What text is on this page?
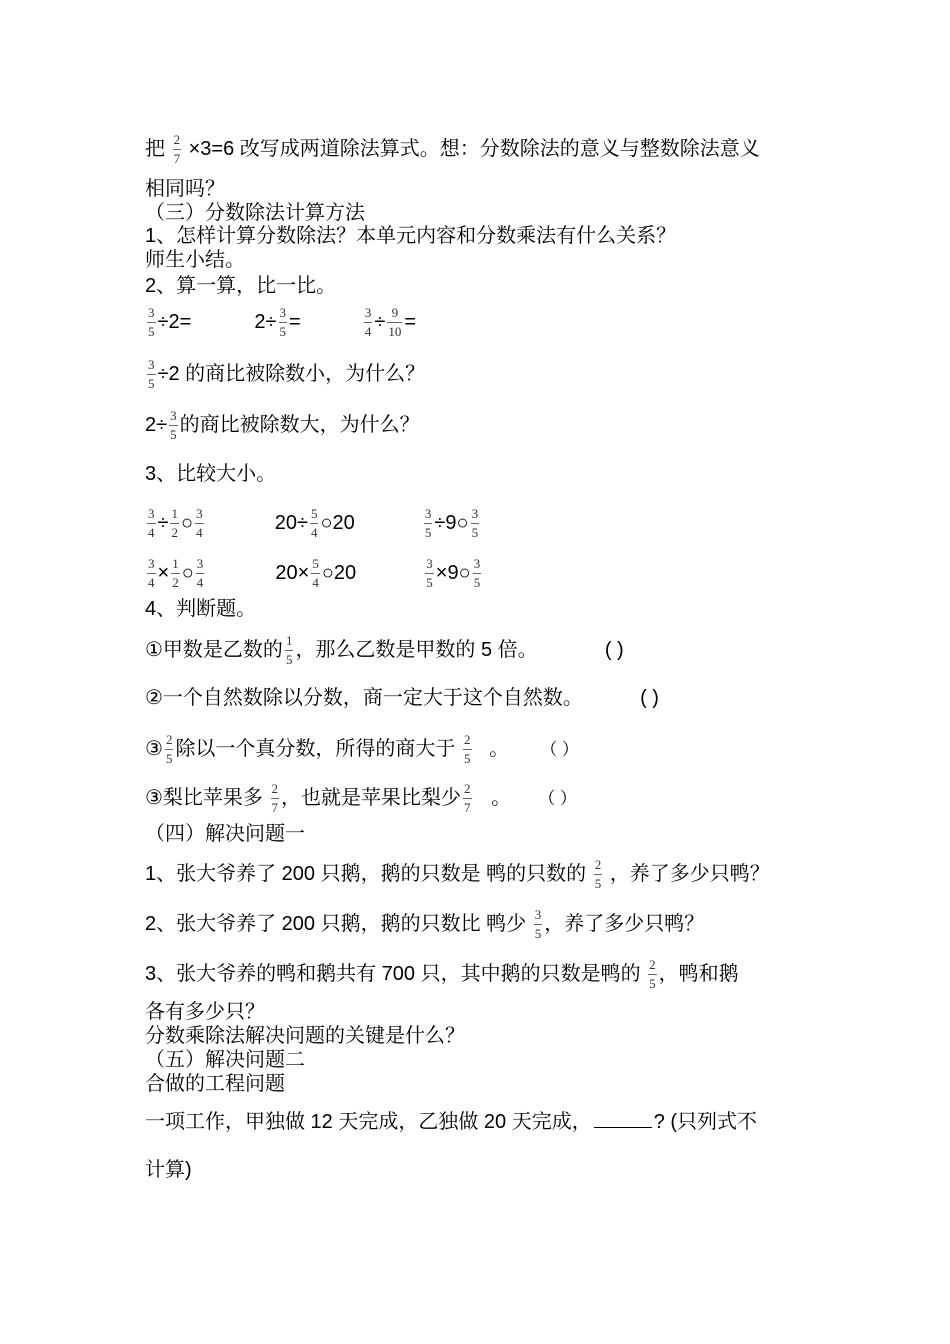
把 $\frac{2}{7} \times 3=6$ 改写成两道除法算式。想：分数除法的意义与整数除法意义
相同吗？
（三）分数除法计算方法
1、怎样计算分数除法？本单元内容和分数乘法有什么关系？
师生小结。
2、算一算，比一比。
$\frac{3}{5} \div 2=$	$2\div \frac{3}{5}$ =	$\frac{3}{4} \div \frac{9}{10}$ =
$\frac{3}{5} \div 2$ 的商比被除数小，为什么？
$2\div \frac{3}{5}$ 的商比被除数大，为什么？
3、比较大小。
$\frac{3}{4} \div \frac{1}{2}$ ○ $\frac{3}{4}$	$20\div \frac{5}{4}$ ○20	$\frac{3}{5}$ ÷9○ $\frac{3}{5}$
$\frac{3}{4} \times \frac{1}{2}$ ○ $\frac{3}{4}$	$20\times \frac{5}{4}$ ○20	$\frac{3}{5}$ ×9○ $\frac{3}{5}$
4、判断题。
①甲数是乙数的 $\frac{1}{5}$ ，那么乙数是甲数的 5 倍。	( )
②一个自然数除以分数，商一定大于这个自然数。	( )
③ $\frac{2}{5}$ 除以一个真分数，所得的商大于 $\frac{2}{5}$ 。 （ ）
③梨比苹果多 $\frac{2}{7}$ ，也就是苹果比梨少 $\frac{2}{7}$ 。 （ ）
（四）解决问题一
1、张大爷养了 200 只鹅，鹅的只数是 鸭的只数的 $\frac{2}{5}$ ，养了多少只鸭？
2、张大爷养了 200 只鹅，鹅的只数比 鸭少 $\frac{3}{5}$ ，养了多少只鸭？
3、张大爷养的鸭和鹅共有 700 只，其中鹅的只数是鸭的 $\frac{2}{5}$ ，鸭和鹅
各有多少只？
分数乘除法解决问题的关键是什么？
（五）解决问题二
合做的工程问题
一项工作，甲独做 12 天完成，乙独做 20 天完成，	? (只列式不
计算)
